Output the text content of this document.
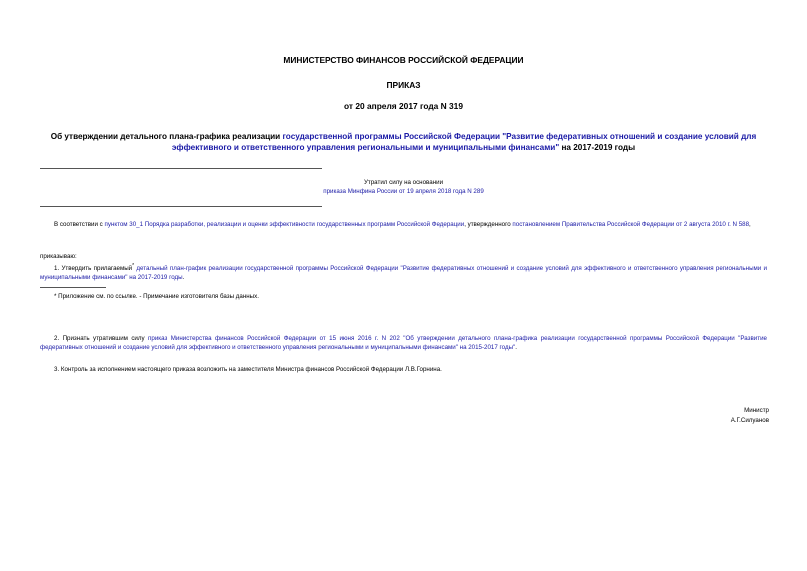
МИНИСТЕРСТВО ФИНАНСОВ РОССИЙСКОЙ ФЕДЕРАЦИИ
ПРИКАЗ
от 20 апреля 2017 года N 319
Об утверждении детального плана-графика реализации государственной программы Российской Федерации "Развитие федеративных отношений и создание условий для эффективного и ответственного управления региональными и муниципальными финансами" на 2017-2019 годы
Утратил силу на основании
приказа Минфина России от 19 апреля 2018 года N 289
В соответствии с пунктом 30_1 Порядка разработки, реализации и оценки эффективности государственных программ Российской Федерации, утвержденного постановлением Правительства Российской Федерации от 2 августа 2010 г. N 588,
приказываю:
1. Утвердить прилагаемый* детальный план-график реализации государственной программы Российской Федерации "Развитие федеративных отношений и создание условий для эффективного и ответственного управления региональными и муниципальными финансами" на 2017-2019 годы.
* Приложение см. по ссылке. - Примечание изготовителя базы данных.
2. Признать утратившим силу приказ Министерства финансов Российской Федерации от 15 июня 2016 г. N 202 "Об утверждении детального плана-графика реализации государственной программы Российской Федерации "Развитие федеративных отношений и создание условий для эффективного и ответственного управления региональными и муниципальными финансами" на 2015-2017 годы".
3. Контроль за исполнением настоящего приказа возложить на заместителя Министра финансов Российской Федерации Л.В.Горнина.
Министр
А.Г.Силуанов
